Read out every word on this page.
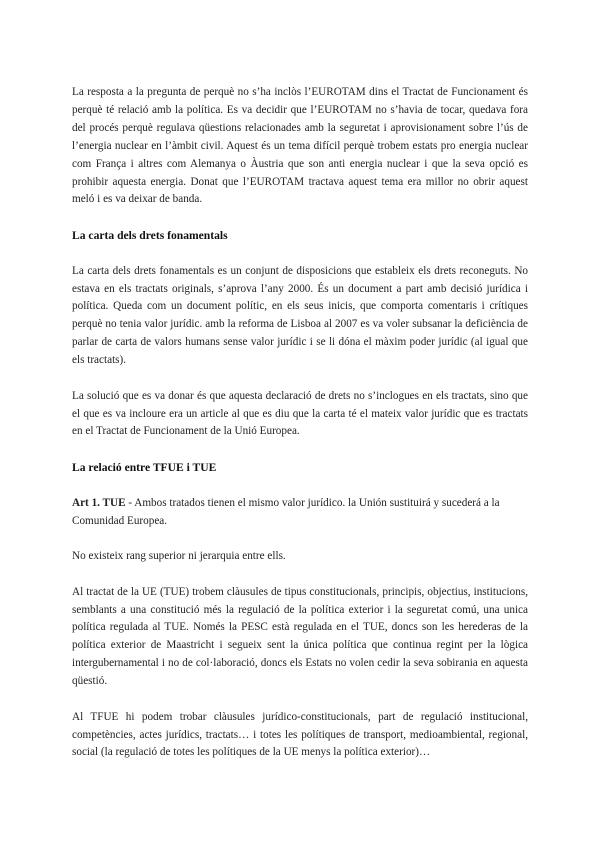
La resposta a la pregunta de perquè no s’ha inclòs l’EUROTAM dins el Tractat de Funcionament és perquè té relació amb la política. Es va decidir que l’EUROTAM no s’havia de tocar, quedava fora del procés perquè regulava qüestions relacionades amb la seguretat i aprovisionament sobre l’ús de l’energia nuclear en l’àmbit civil. Aquest és un tema difícil perquè trobem estats pro energia nuclear com França i altres com Alemanya o Àustria que son anti energia nuclear i que la seva opció es prohibir aquesta energia. Donat que l’EUROTAM tractava aquest tema era millor no obrir aquest meló i es va deixar de banda.

La carta dels drets fonamentals

La carta dels drets fonamentals es un conjunt de disposicions que estableix els drets reconeguts. No estava en els tractats originals, s’aprova l’any 2000. És un document a part amb decisió jurídica i política. Queda com un document polític, en els seus inicis, que comporta comentaris i crítiques perquè no tenia valor jurídic. amb la reforma de Lisboa al 2007 es va voler subsanar la deficiència de parlar de carta de valors humans sense valor jurídic i se li dóna el màxim poder jurídic (al igual que els tractats).

La solució que es va donar és que aquesta declaració de drets no s’inclogues en els tractats, sino que el que es va incloure era un article al que es diu que la carta té el mateix valor jurídic que es tractats en el Tractat de Funcionament de la Unió Europea.

La relació entre TFUE i TUE

Art 1. TUE - Ambos tratados tienen el mismo valor jurídico. la Unión sustituirá y sucederá a la Comunidad Europea.

No existeix rang superior ni jerarquia entre ells.

Al tractat de la UE (TUE) trobem clàusules de tipus constitucionals, principis, objectius, institucions, semblants a una constitució més la regulació de la política exterior i la seguretat comú, una unica política regulada al TUE. Només la PESC està regulada en el TUE, doncs son les herederas de la política exterior de Maastricht i segueix sent la única política que continua regint per la lògica intergubernamental i no de col·laboració, doncs els Estats no volen cedir la seva sobirania en aquesta qüestió.

Al TFUE hi podem trobar clàusules jurídico-constitucionals, part de regulació institucional, competències, actes jurídics, tractats… i totes les polítiques de transport, medioambiental, regional, social (la regulació de totes les polítiques de la UE menys la política exterior)…
